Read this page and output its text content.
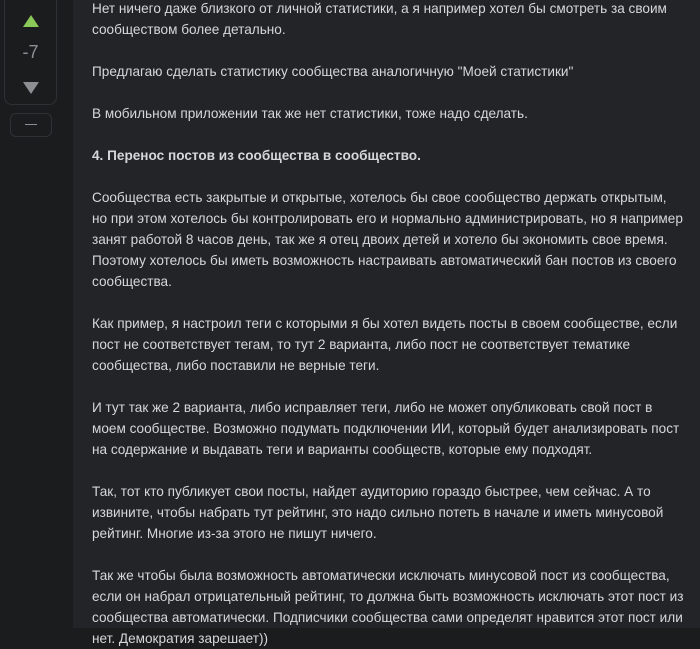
-7

Нет ничего даже близкого от личной статистики, а я например хотел бы смотреть за своим сообществом более детально.

Предлагаю сделать статистику сообщества аналогичную "Моей статистики"

В мобильном приложении так же нет статистики, тоже надо сделать.

4. Перенос постов из сообщества в сообщество.

Сообщества есть закрытые и открытые, хотелось бы свое сообщество держать открытым, но при этом хотелось бы контролировать его и нормально администрировать, но я например занят работой 8 часов день, так же я отец двоих детей и хотело бы экономить свое время. Поэтому хотелось бы иметь возможность настраивать автоматический бан постов из своего сообщества.

Как пример, я настроил теги с которыми я бы хотел видеть посты в своем сообществе, если пост не соответствует тегам, то тут 2 варианта, либо пост не соответствует тематике сообщества, либо поставили не верные теги.

И тут так же 2 варианта, либо исправляет теги, либо не может опубликовать свой пост в моем сообществе. Возможно подумать подключении ИИ, который будет анализировать пост на содержание и выдавать теги и варианты сообществ, которые ему подходят.

Так, тот кто публикует свои посты, найдет аудиторию гораздо быстрее, чем сейчас. А то извините, чтобы набрать тут рейтинг, это надо сильно потеть в начале и иметь минусовой рейтинг. Многие из-за этого не пишут ничего.

Так же чтобы была возможность автоматически исключать минусовой пост из сообщества, если он набрал отрицательный рейтинг, то должна быть возможность исключать этот пост из сообщества автоматически. Подписчики сообщества сами определят нравится этот пост или нет. Демократия зарешает))
